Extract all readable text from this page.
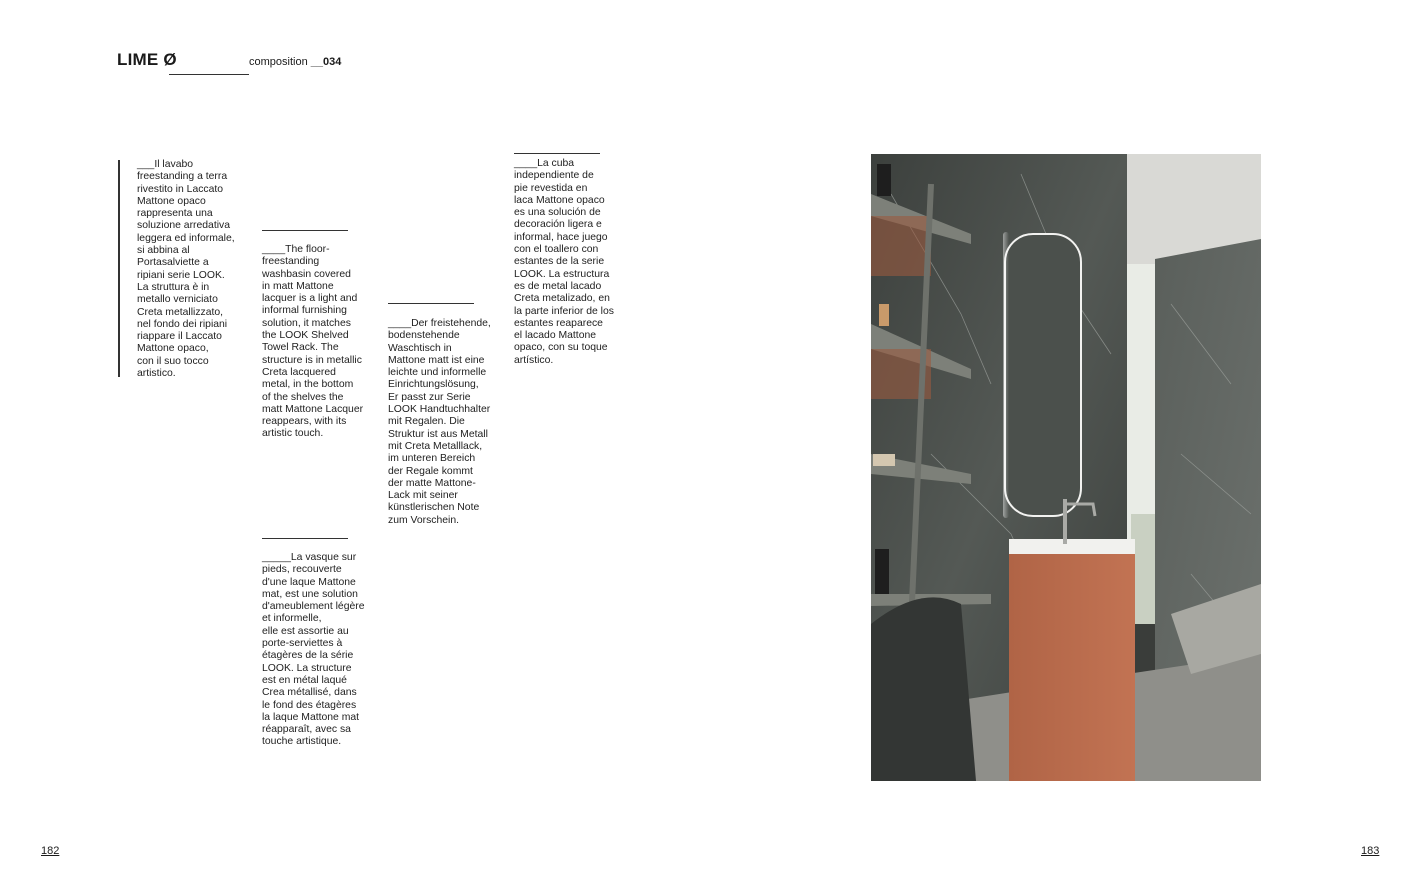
LIME Ø	composition __034
___Il lavabo
freestanding a terra
rivestito in Laccato
Mattone opaco
rappresenta una
soluzione arredativa
leggera ed informale,
si abbina al
Portasalviette a
ripiani serie LOOK.
La struttura è in
metallo verniciato
Creta metallizzato,
nel fondo dei ripiani
riappare il Laccato
Mattone opaco,
con il suo tocco
artistico.
____The floor-
freestanding
washbasin covered
in matt Mattone
lacquer is a light and
informal furnishing
solution, it matches
the LOOK Shelved
Towel Rack. The
structure is in metallic
Creta lacquered
metal, in the bottom
of the shelves the
matt Mattone Lacquer
reappears, with its
artistic touch.
_____La vasque sur
pieds, recouverte
d'une laque Mattone
mat, est une solution
d'ameublement légère
et informelle,
elle est assortie au
porte-serviettes à
étagères de la série
LOOK. La structure
est en métal laqué
Crea métallisé, dans
le fond des étagères
la laque Mattone mat
réapparaît, avec sa
touche artistique.
____Der freistehende,
bodenstehende
Waschtisch in
Mattone matt ist eine
leichte und informelle
Einrichtungslösung,
Er passt zur Serie
LOOK Handtuchhalter
mit Regalen. Die
Struktur ist aus Metall
mit Creta Metalllack,
im unteren Bereich
der Regale kommt
der matte Mattone-
Lack mit seiner
künstlerischen Note
zum Vorschein.
____La cuba
independiente de
pie revestida en
laca Mattone opaco
es una solución de
decoración ligera e
informal, hace juego
con el toallero con
estantes de la serie
LOOK. La estructura
es de metal lacado
Creta metalizado, en
la parte inferior de los
estantes reaparece
el lacado Mattone
opaco, con su toque
artístico.
182	183
